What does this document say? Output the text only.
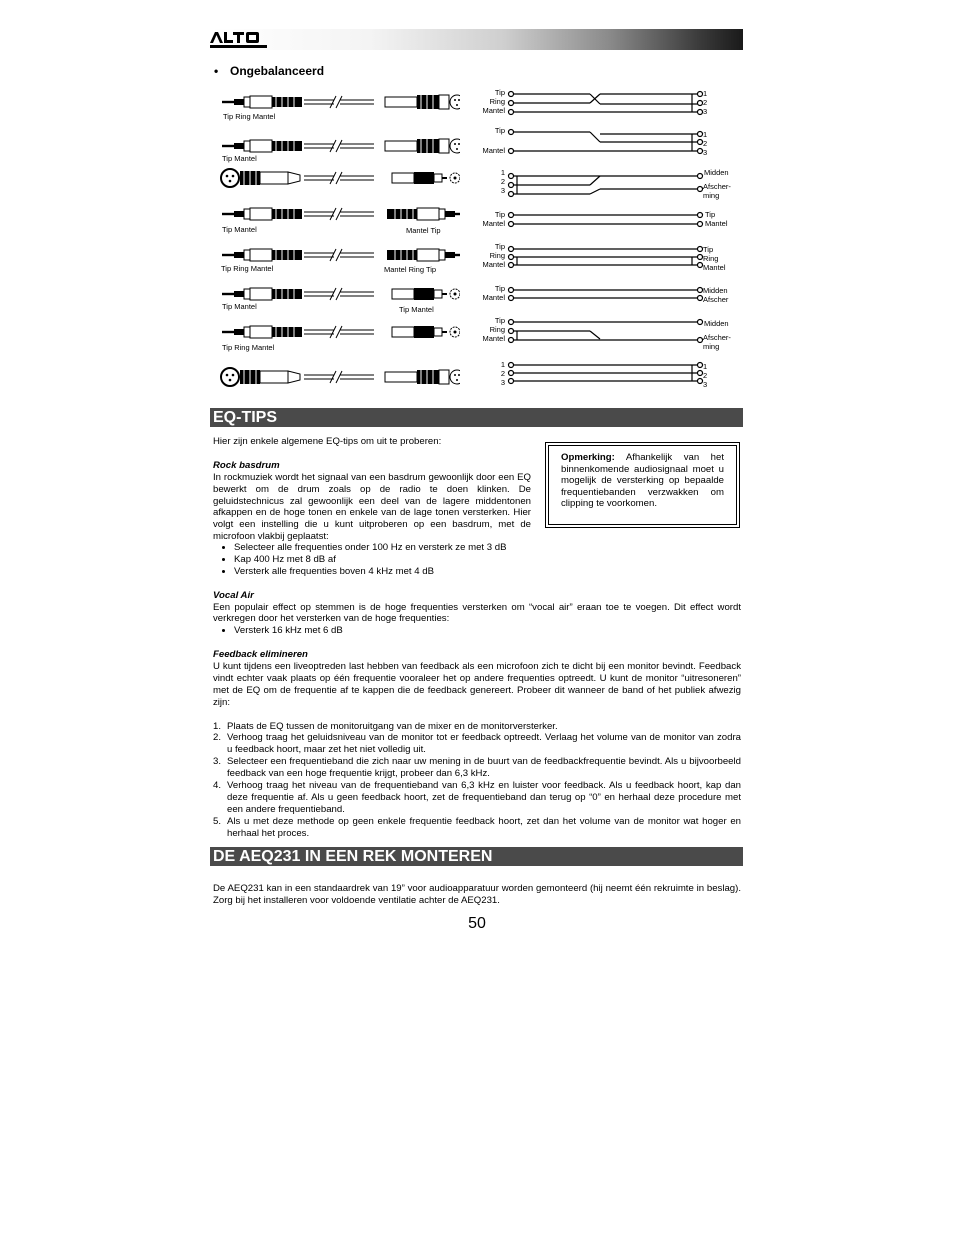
• Ongebalanceerd
Tip Ring Mantel
Tip Mantel
Tip Mantel	Mantel Tip
Tip Ring Mantel	Mantel Ring Tip
Tip Mantel	Tip Mantel
Tip Ring Mantel
Tip
Ring
Mantel
1
2
3
Tip
Mantel
1
2
3
1
2
3
Midden
Afscher-
ming
Tip
Mantel
Tip
Mantel
Tip
Ring
Mantel
Tip
Ring
Mantel
Tip
Mantel
Midden
Afscher
Tip
Ring
Mantel
Midden
Afscher-
ming
1
2
3
1
2
3
EQ-TIPS
Hier zijn enkele algemene EQ-tips om uit te proberen:
Rock basdrum
In rockmuziek wordt het signaal van een basdrum gewoonlijk door een EQ bewerkt om de drum zoals op de radio te doen klinken. De geluidstechnicus zal gewoonlijk een deel van de lagere middentonen afkappen en de hoge tonen en enkele van de lage tonen versterken. Hier volgt een instelling die u kunt uitproberen op een basdrum, met de microfoon vlakbij geplaatst:
• Selecteer alle frequenties onder 100 Hz en versterk ze met 3 dB
• Kap 400 Hz met 8 dB af
• Versterk alle frequenties boven 4 kHz met 4 dB
Vocal Air
Een populair effect op stemmen is de hoge frequenties versterken om “vocal air” eraan toe te voegen. Dit effect wordt verkregen door het versterken van de hoge frequenties:
• Versterk 16 kHz met 6 dB
Feedback elimineren
U kunt tijdens een liveoptreden last hebben van feedback als een microfoon zich te dicht bij een monitor bevindt. Feedback vindt echter vaak plaats op één frequentie vooraleer het op andere frequenties optreedt. U kunt de monitor “uitresoneren” met de EQ om de frequentie af te kappen die de feedback genereert. Probeer dit wanneer de band of het publiek afwezig zijn:
1. Plaats de EQ tussen de monitoruitgang van de mixer en de monitorversterker.
2. Verhoog traag het geluidsniveau van de monitor tot er feedback optreedt. Verlaag het volume van de monitor van zodra u feedback hoort, maar zet het niet volledig uit.
3. Selecteer een frequentieband die zich naar uw mening in de buurt van de feedbackfrequentie bevindt. Als u bijvoorbeeld feedback van een hoge frequentie krijgt, probeer dan 6,3 kHz.
4. Verhoog traag het niveau van de frequentieband van 6,3 kHz en luister voor feedback. Als u feedback hoort, kap dan deze frequentie af. Als u geen feedback hoort, zet de frequentieband dan terug op “0” en herhaal deze procedure met een andere frequentieband.
5. Als u met deze methode op geen enkele frequentie feedback hoort, zet dan het volume van de monitor wat hoger en herhaal het proces.
Opmerking: Afhankelijk van het binnenkomende audiosignaal moet u mogelijk de versterking op bepaalde frequentiebanden verzwakken om clipping te voorkomen.
DE AEQ231 IN EEN REK MONTEREN
De AEQ231 kan in een standaardrek van 19” voor audioapparatuur worden gemonteerd (hij neemt één rekruimte in beslag). Zorg bij het installeren voor voldoende ventilatie achter de AEQ231.
50
